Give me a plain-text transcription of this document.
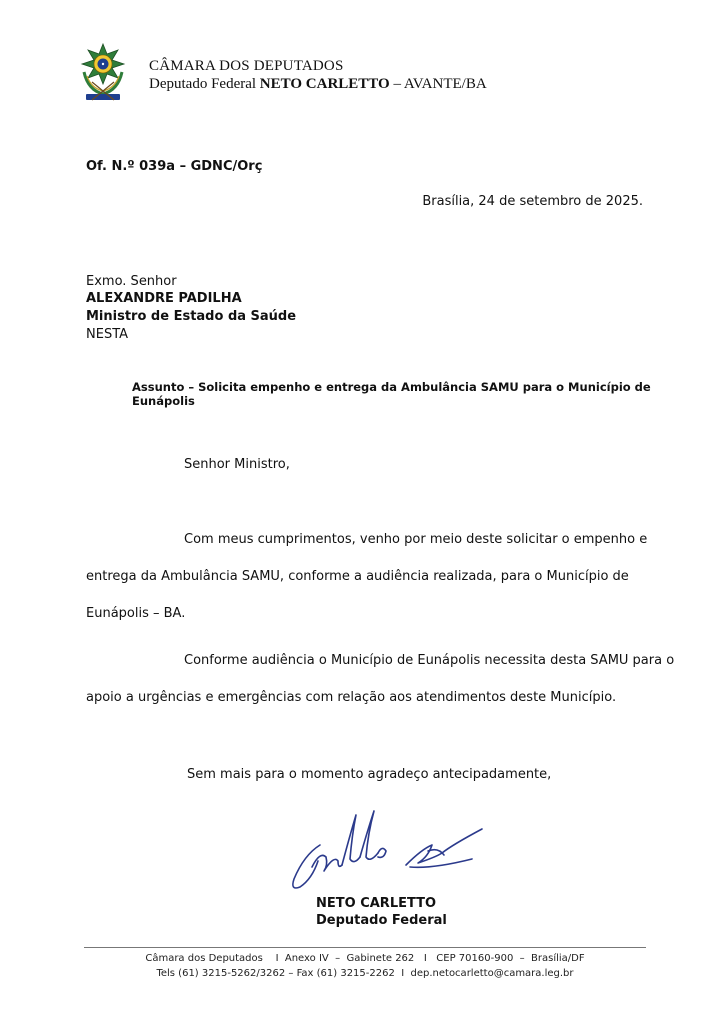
CÂMARA DOS DEPUTADOS
Deputado Federal NETO CARLETTO – AVANTE/BA
Of. N.º 039a – GDNC/Orç
Brasília, 24 de setembro de 2025.
Exmo. Senhor
ALEXANDRE PADILHA
Ministro de Estado da Saúde
NESTA
Assunto – Solicita empenho e entrega da Ambulância SAMU para o Município de Eunápolis
Senhor Ministro,
Com meus cumprimentos, venho por meio deste solicitar o empenho e
entrega da Ambulância SAMU, conforme a audiência realizada, para o Município de
Eunápolis – BA.
Conforme audiência o Município de Eunápolis necessita desta SAMU para o
apoio a urgências e emergências com relação aos atendimentos deste Município.
Sem mais para o momento agradeço antecipadamente,
NETO CARLETTO
Deputado Federal
Câmara dos Deputados    I  Anexo IV  –  Gabinete 262   I   CEP 70160-900  –  Brasília/DF
Tels (61) 3215-5262/3262 – Fax (61) 3215-2262  I  dep.netocarletto@camara.leg.br
